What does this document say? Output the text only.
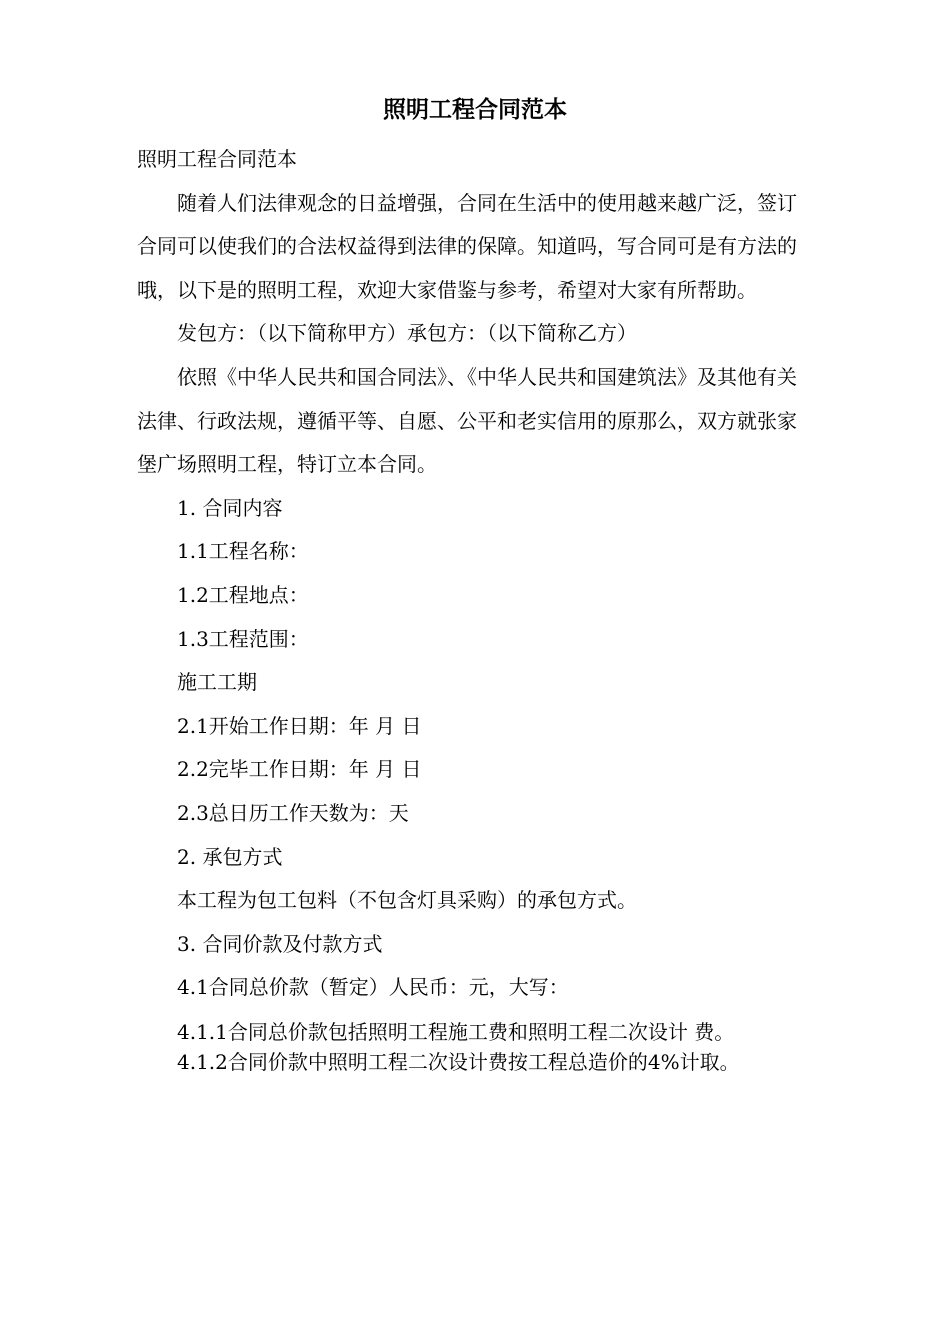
照明工程合同范本

照明工程合同范本

随着人们法律观念的日益增强，合同在生活中的使用越来越广泛，签订合同可以使我们的合法权益得到法律的保障。知道吗，写合同可是有方法的哦，以下是的照明工程，欢迎大家借鉴与参考，希望对大家有所帮助。

发包方：（以下简称甲方）承包方：（以下简称乙方）

依照《中华人民共和国合同法》、《中华人民共和国建筑法》及其他有关法律、行政法规，遵循平等、自愿、公平和老实信用的原那么，双方就张家堡广场照明工程，特订立本合同。

1. 合同内容

1.1工程名称：

1.2工程地点：

1.3工程范围：

施工工期

2.1开始工作日期：年 月 日

2.2完毕工作日期：年 月 日

2.3总日历工作天数为：天

2. 承包方式

本工程为包工包料（不包含灯具采购）的承包方式。

3. 合同价款及付款方式

4.1合同总价款（暂定）人民币：元，大写：

4.1.1合同总价款包括照明工程施工费和照明工程二次设计 费。

4.1.2合同价款中照明工程二次设计费按工程总造价的4%计取。
